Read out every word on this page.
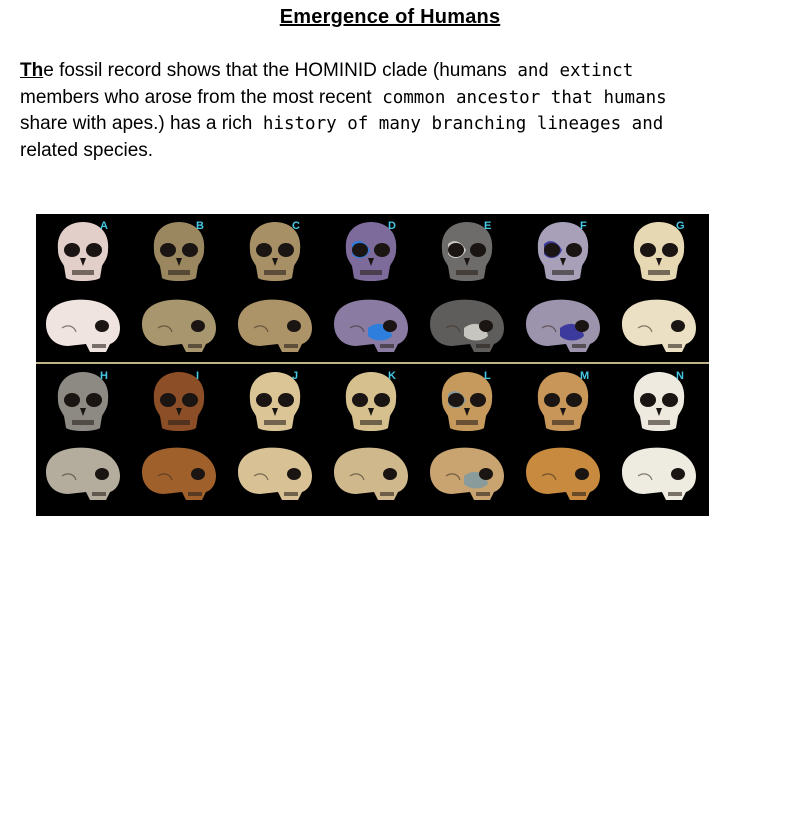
Emergence of Humans

The fossil record shows that the HOMINID clade (humans and extinct
members who arose from the most recent common ancestor that humans
share with apes.) has a rich history of many branching lineages and
related species.

A	B	C	D	E	F	G
H	I	J	K	L	M	N
